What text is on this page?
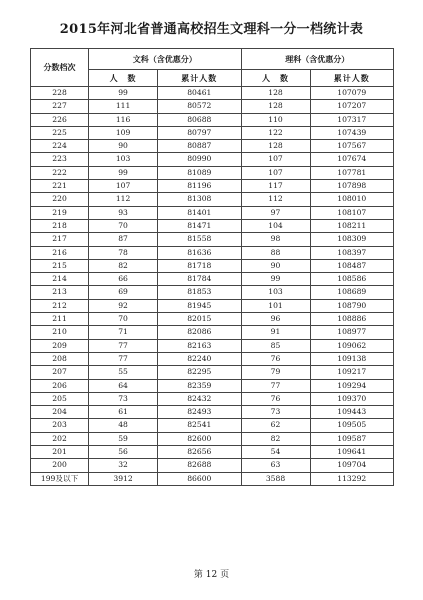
2015年河北省普通高校招生文理科一分一档统计表
分数档次	文科（含优惠分）		理科（含优惠分）	
	人　数	累计人数	人　数	累计人数
228	99	80461	128	107079
227	111	80572	128	107207
226	116	80688	110	107317
225	109	80797	122	107439
224	90	80887	128	107567
223	103	80990	107	107674
222	99	81089	107	107781
221	107	81196	117	107898
220	112	81308	112	108010
219	93	81401	97	108107
218	70	81471	104	108211
217	87	81558	98	108309
216	78	81636	88	108397
215	82	81718	90	108487
214	66	81784	99	108586
213	69	81853	103	108689
212	92	81945	101	108790
211	70	82015	96	108886
210	71	82086	91	108977
209	77	82163	85	109062
208	77	82240	76	109138
207	55	82295	79	109217
206	64	82359	77	109294
205	73	82432	76	109370
204	61	82493	73	109443
203	48	82541	62	109505
202	59	82600	82	109587
201	56	82656	54	109641
200	32	82688	63	109704
199及以下	3912	86600	3588	113292
第 12 页
